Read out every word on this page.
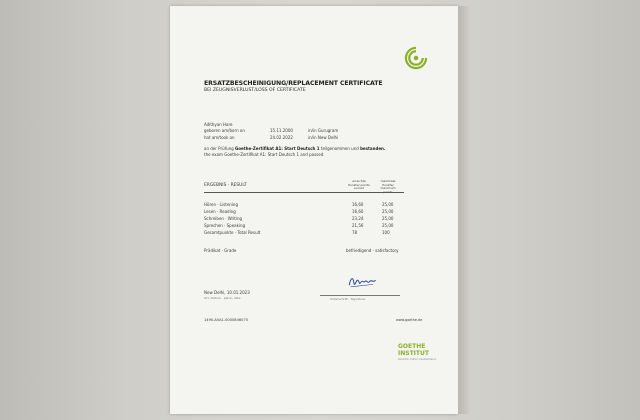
ERSATZBESCHEINIGUNG/REPLACEMENT CERTIFICATE
BEI ZEUGNISVERLUST/LOSS OF CERTIFICATE
Adithyan Hare
geboren am/born on	15.11.2000	in/in Gurugram
hat am/took on	24.02.2022	in/in New Delhi
an der Prüfung Goethe-Zertifikat A1: Start Deutsch 1 teilgenommen und bestanden.
the exam Goethe-Zertifikat A1: Start Deutsch 1 and passed.
ERGEBNIS · RESULT
erreichte Punkte/ points scored
maximale Punkte/ maximum
Hören · Listening	16,60	25,00
Lesen · Reading	16,60	25,00
Schreiben · Writing	23,24	25,00
Sprechen · Speaking	21,56	25,00
Gesamtpunkte · Total Result	78	100
Prädikat · Grade	befriedigend · satisfactory
New Delhi, 10.01.2023
Ort, Datum · place, date	Unterschrift · Signature
1490-A5A1-0000846075	www.goethe.de
GOETHE
INSTITUT
Sprache. Kultur. Deutschland.
